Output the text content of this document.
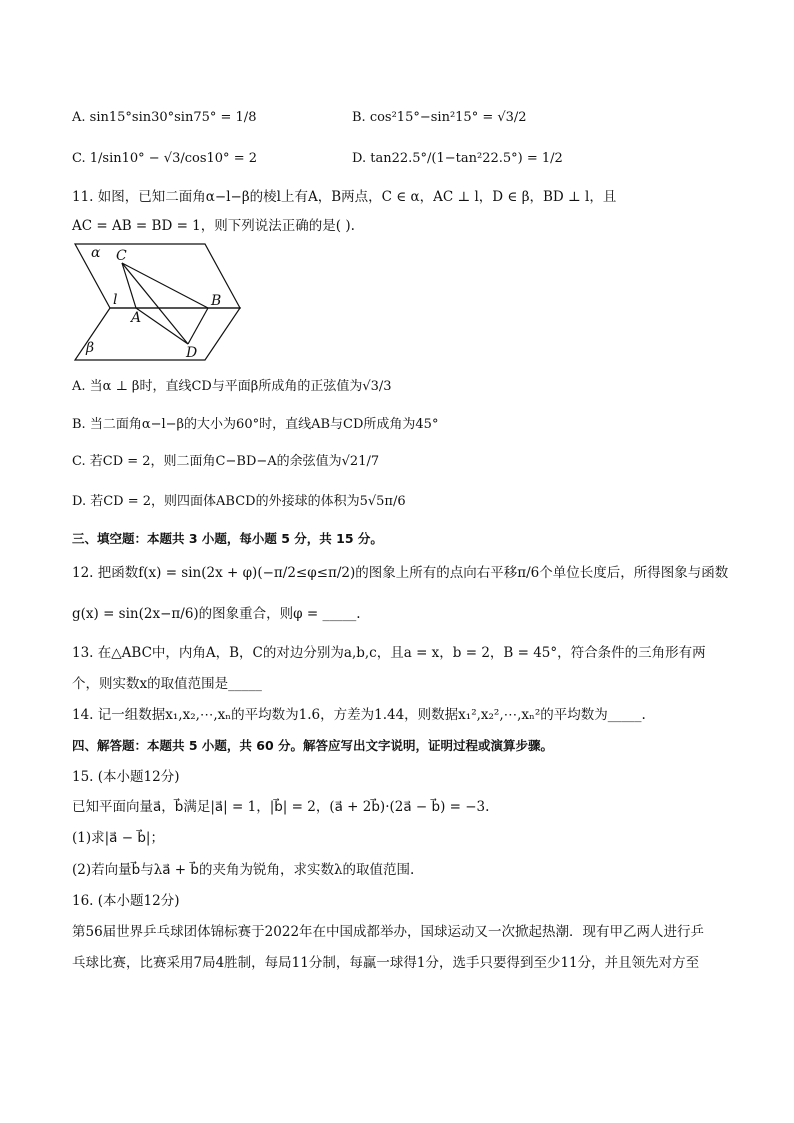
A. sin15°sin30°sin75° = 1/8	B. cos²15°−sin²15° = √3/2
C. 1/sin10° − √3/cos10° = 2	D. tan22.5°/(1−tan²22.5°) = 1/2
11. 如图，已知二面角α−l−β的棱l上有A，B两点，C ∈ α，AC ⊥ l，D ∈ β，BD ⊥ l，且
AC = AB = BD = 1，则下列说法正确的是( ).
α
β
l
C
A
B
D
A. 当α ⊥ β时，直线CD与平面β所成角的正弦值为√3/3
B. 当二面角α−l−β的大小为60°时，直线AB与CD所成角为45°
C. 若CD = 2，则二面角C−BD−A的余弦值为√21/7
D. 若CD = 2，则四面体ABCD的外接球的体积为5√5π/6
三、填空题：本题共 3 小题，每小题 5 分，共 15 分。
12. 把函数f(x) = sin(2x + φ)(−π/2≤φ≤π/2)的图象上所有的点向右平移π/6个单位长度后，所得图象与函数
g(x) = sin(2x−π/6)的图象重合，则φ = _____.
13. 在△ABC中，内角A，B，C的对边分别为a,b,c，且a = x，b = 2，B = 45°，符合条件的三角形有两
个，则实数x的取值范围是_____
14. 记一组数据x₁,x₂,⋯,xₙ的平均数为1.6，方差为1.44，则数据x₁²,x₂²,⋯,xₙ²的平均数为_____.
四、解答题：本题共 5 小题，共 60 分。解答应写出文字说明，证明过程或演算步骤。
15. (本小题12分)
已知平面向量a⃗，b⃗满足|a⃗| = 1，|b⃗| = 2，(a⃗ + 2b⃗)·(2a⃗ − b⃗) = −3.
(1)求|a⃗ − b⃗|；
(2)若向量b⃗与λa⃗ + b⃗的夹角为锐角，求实数λ的取值范围.
16. (本小题12分)
第56届世界乒乓球团体锦标赛于2022年在中国成都举办，国球运动又一次掀起热潮．现有甲乙两人进行乒
乓球比赛，比赛采用7局4胜制，每局11分制，每赢一球得1分，选手只要得到至少11分，并且领先对方至
